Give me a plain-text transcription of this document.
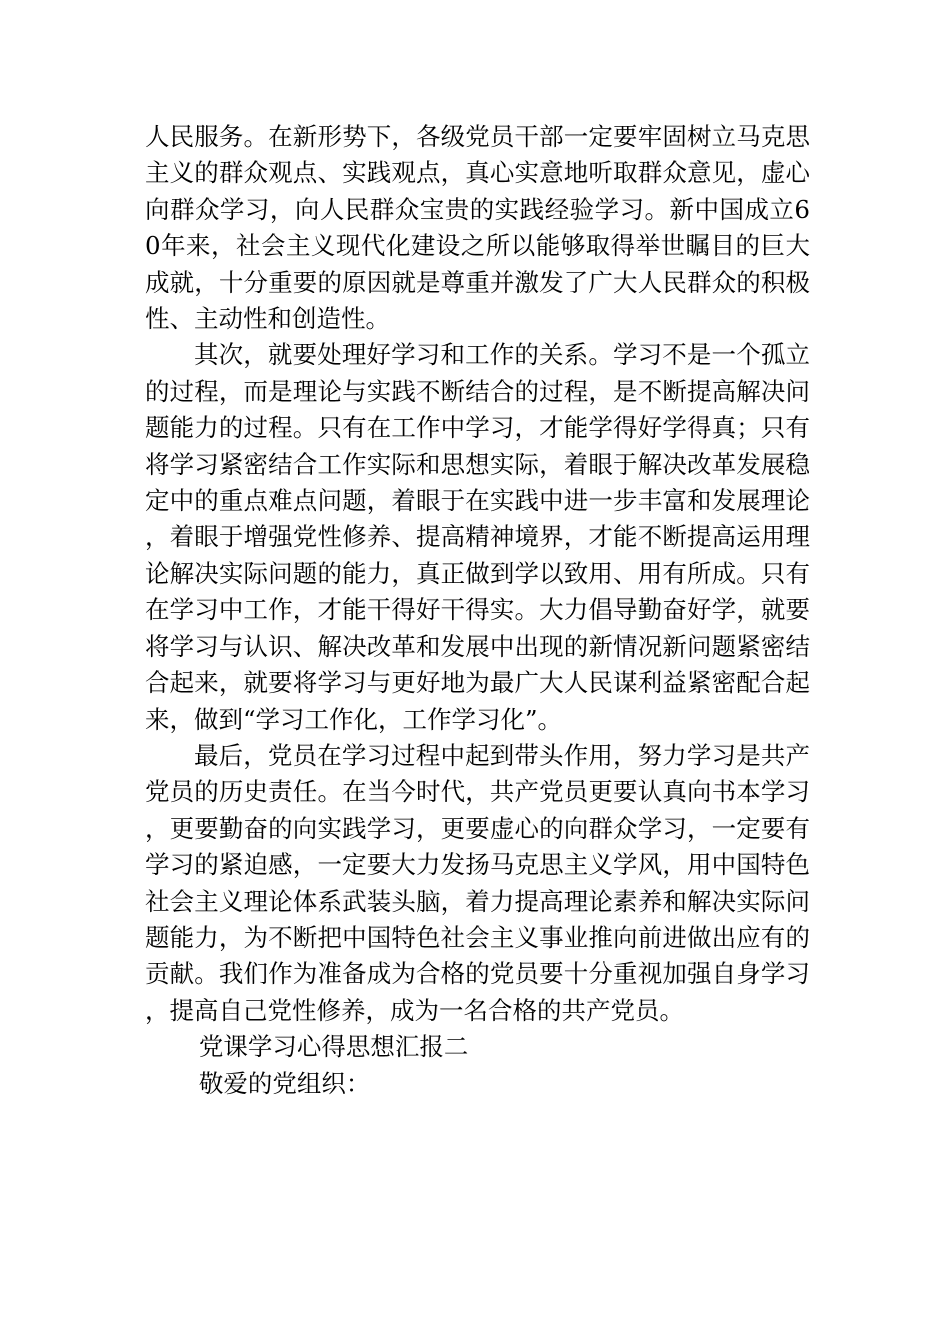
人民服务。在新形势下，各级党员干部一定要牢固树立马克思主义的群众观点、实践观点，真心实意地听取群众意见，虚心向群众学习，向人民群众宝贵的实践经验学习。新中国成立60年来，社会主义现代化建设之所以能够取得举世瞩目的巨大成就，十分重要的原因就是尊重并激发了广大人民群众的积极性、主动性和创造性。

其次，就要处理好学习和工作的关系。学习不是一个孤立的过程，而是理论与实践不断结合的过程，是不断提高解决问题能力的过程。只有在工作中学习，才能学得好学得真；只有将学习紧密结合工作实际和思想实际，着眼于解决改革发展稳定中的重点难点问题，着眼于在实践中进一步丰富和发展理论，着眼于增强党性修养、提高精神境界，才能不断提高运用理论解决实际问题的能力，真正做到学以致用、用有所成。只有在学习中工作，才能干得好干得实。大力倡导勤奋好学，就要将学习与认识、解决改革和发展中出现的新情况新问题紧密结合起来，就要将学习与更好地为最广大人民谋利益紧密配合起来，做到“学习工作化，工作学习化”。

最后，党员在学习过程中起到带头作用，努力学习是共产党员的历史责任。在当今时代，共产党员更要认真向书本学习，更要勤奋的向实践学习，更要虚心的向群众学习，一定要有学习的紧迫感，一定要大力发扬马克思主义学风，用中国特色社会主义理论体系武装头脑，着力提高理论素养和解决实际问题能力，为不断把中国特色社会主义事业推向前进做出应有的贡献。我们作为准备成为合格的党员要十分重视加强自身学习，提高自己党性修养，成为一名合格的共产党员。

党课学习心得思想汇报二

敬爱的党组织：
